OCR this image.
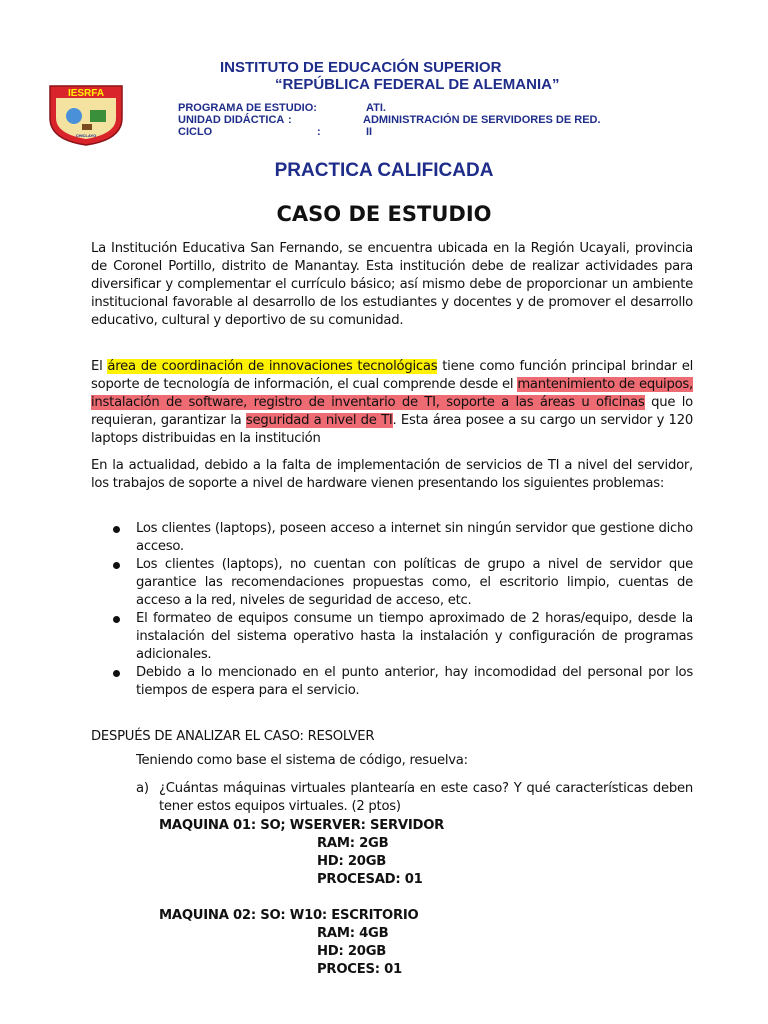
IESRFA
CHICLAYO
INSTITUTO DE EDUCACIÓN SUPERIOR
“REPÚBLICA FEDERAL DE ALEMANIA”
PROGRAMA DE ESTUDIO:	ATI.
UNIDAD DIDÁCTICA :	ADMINISTRACIÓN DE SERVIDORES DE RED.
CICLO	:	II
PRACTICA CALIFICADA
CASO DE ESTUDIO
La Institución Educativa San Fernando, se encuentra ubicada en la Región Ucayali, provincia de Coronel Portillo, distrito de Manantay. Esta institución debe de realizar actividades para diversificar y complementar el currículo básico; así mismo debe de proporcionar un ambiente institucional favorable al desarrollo de los estudiantes y docentes y de promover el desarrollo educativo, cultural y deportivo de su comunidad.
El área de coordinación de innovaciones tecnológicas tiene como función principal brindar el soporte de tecnología de información, el cual comprende desde el mantenimiento de equipos, instalación de software, registro de inventario de TI, soporte a las áreas u oficinas que lo requieran, garantizar la seguridad a nivel de TI. Esta área posee a su cargo un servidor y 120 laptops distribuidas en la institución
En la actualidad, debido a la falta de implementación de servicios de TI a nivel del servidor, los trabajos de soporte a nivel de hardware vienen presentando los siguientes problemas:
Los clientes (laptops), poseen acceso a internet sin ningún servidor que gestione dicho acceso.
Los clientes (laptops), no cuentan con políticas de grupo a nivel de servidor que garantice las recomendaciones propuestas como, el escritorio limpio, cuentas de acceso a la red, niveles de seguridad de acceso, etc.
El formateo de equipos consume un tiempo aproximado de 2 horas/equipo, desde la instalación del sistema operativo hasta la instalación y configuración de programas adicionales.
Debido a lo mencionado en el punto anterior, hay incomodidad del personal por los tiempos de espera para el servicio.
DESPUÉS DE ANALIZAR EL CASO: RESOLVER
Teniendo como base el sistema de código, resuelva:
a) ¿Cuántas máquinas virtuales plantearía en este caso? Y qué características deben tener estos equipos virtuales. (2 ptos)
MAQUINA 01: SO; WSERVER: SERVIDOR
RAM: 2GB
HD: 20GB
PROCESAD: 01
MAQUINA 02: SO: W10: ESCRITORIO
RAM: 4GB
HD: 20GB
PROCES: 01
